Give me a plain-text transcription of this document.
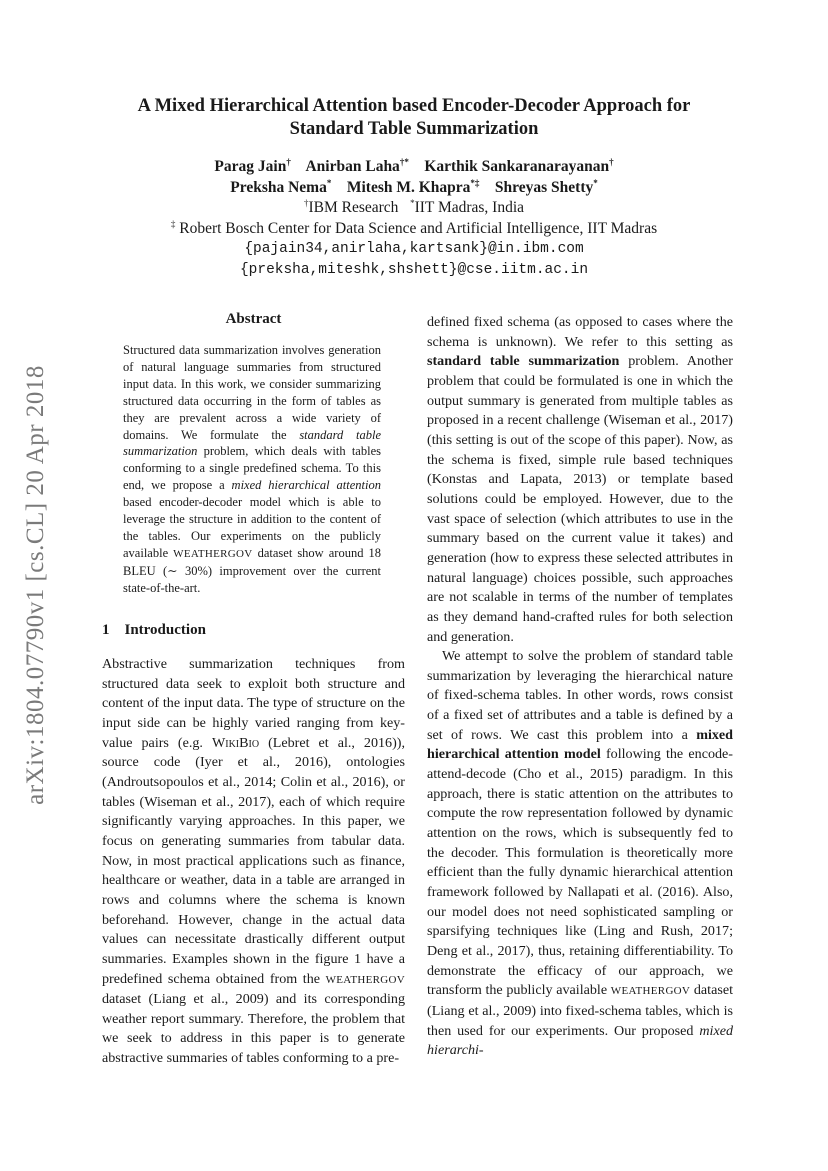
A Mixed Hierarchical Attention based Encoder-Decoder Approach for
Standard Table Summarization
Parag Jain† Anirban Laha†* Karthik Sankaranarayanan†
Preksha Nema* Mitesh M. Khapra*‡ Shreyas Shetty*
†IBM Research *IIT Madras, India
‡ Robert Bosch Center for Data Science and Artificial Intelligence, IIT Madras
{pajain34,anirlaha,kartsank}@in.ibm.com
{preksha,miteshk,shshett}@cse.iitm.ac.in
arXiv:1804.07790v1 [cs.CL] 20 Apr 2018
Abstract
Structured data summarization involves generation of natural language summaries from structured input data. In this work, we consider summarizing structured data occurring in the form of tables as they are prevalent across a wide variety of domains. We formulate the standard table summarization problem, which deals with tables conforming to a single predefined schema. To this end, we propose a mixed hierarchical attention based encoder-decoder model which is able to leverage the structure in addition to the content of the tables. Our experiments on the publicly available WEATHERGOV dataset show around 18 BLEU (∼ 30%) improvement over the current state-of-the-art.
1 Introduction

Abstractive summarization techniques from structured data seek to exploit both structure and content of the input data. The type of structure on the input side can be highly varied ranging from key-value pairs (e.g. WikiBio (Lebret et al., 2016)), source code (Iyer et al., 2016), ontologies (Androutsopoulos et al., 2014; Colin et al., 2016), or tables (Wiseman et al., 2017), each of which require significantly varying approaches. In this paper, we focus on generating summaries from tabular data. Now, in most practical applications such as finance, healthcare or weather, data in a table are arranged in rows and columns where the schema is known beforehand. However, change in the actual data values can necessitate drastically different output summaries. Examples shown in the figure 1 have a predefined schema obtained from the WEATHERGOV dataset (Liang et al., 2009) and its corresponding weather report summary. Therefore, the problem that we seek to address in this paper is to generate abstractive summaries of tables conforming to a pre-

defined fixed schema (as opposed to cases where the schema is unknown). We refer to this setting as standard table summarization problem. Another problem that could be formulated is one in which the output summary is generated from multiple tables as proposed in a recent challenge (Wiseman et al., 2017) (this setting is out of the scope of this paper). Now, as the schema is fixed, simple rule based techniques (Konstas and Lapata, 2013) or template based solutions could be employed. However, due to the vast space of selection (which attributes to use in the summary based on the current value it takes) and generation (how to express these selected attributes in natural language) choices possible, such approaches are not scalable in terms of the number of templates as they demand hand-crafted rules for both selection and generation.

We attempt to solve the problem of standard table summarization by leveraging the hierarchical nature of fixed-schema tables. In other words, rows consist of a fixed set of attributes and a table is defined by a set of rows. We cast this problem into a mixed hierarchical attention model following the encode-attend-decode (Cho et al., 2015) paradigm. In this approach, there is static attention on the attributes to compute the row representation followed by dynamic attention on the rows, which is subsequently fed to the decoder. This formulation is theoretically more efficient than the fully dynamic hierarchical attention framework followed by Nallapati et al. (2016). Also, our model does not need sophisticated sampling or sparsifying techniques like (Ling and Rush, 2017; Deng et al., 2017), thus, retaining differentiability. To demonstrate the efficacy of our approach, we transform the publicly available WEATHERGOV dataset (Liang et al., 2009) into fixed-schema tables, which is then used for our experiments. Our proposed mixed hierarchi-
